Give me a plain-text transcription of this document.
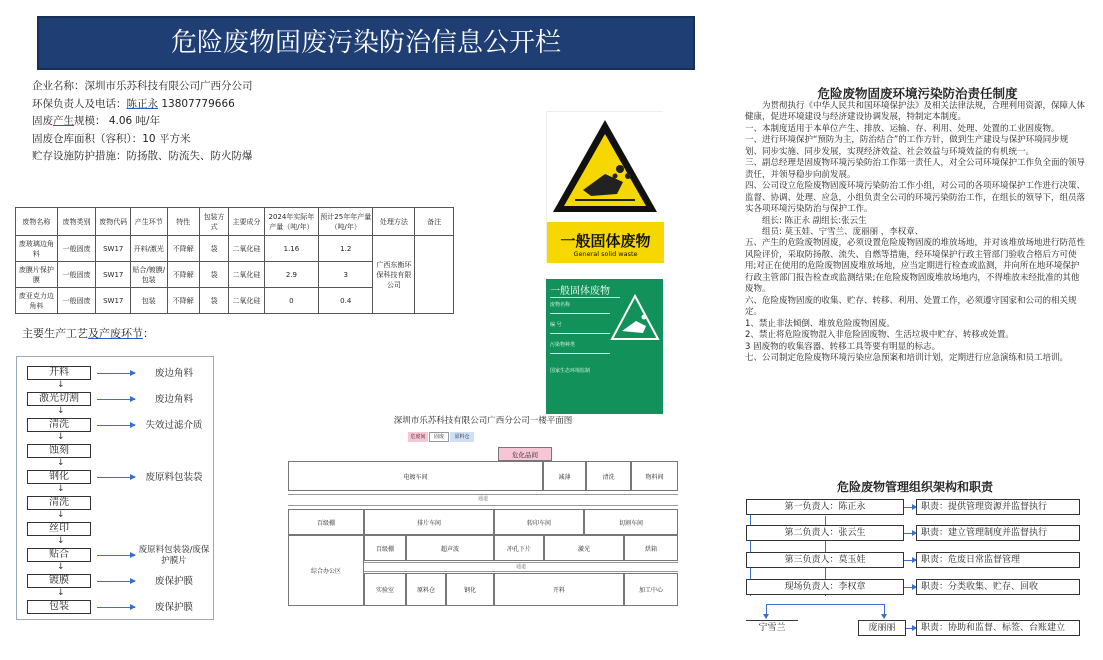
危险废物固废污染防治信息公开栏
企业名称：深圳市乐苏科技有限公司广西分公司
环保负责人及电话：陈正永 13807779666
固废产生规模： 4.06 吨/年
固废仓库面积（容积）：10 平方米
贮存设施防护措施：防扬散、防流失、防火防爆
废物名称	废物类别	废物代码	产生环节	特性	包装方式	主要成分	2024年实际年产量（吨/年）	预计25年年产量（吨/年）	处理方法	备注
废玻璃边角料	一般固废	SW17	开料/激光	不降解	袋	二氧化硅	1.16	1.2	广西东衡环保科技有限公司	
废膜片保护膜	一般固废	SW17	贴合/镀膜/包装	不降解	袋	二氧化硅	2.9	3		
废亚克力边角料	一般固废	SW17	包装	不降解	袋	二氧化硅	0	0.4		
主要生产工艺及产废环节：
开料
↓
激光切割
↓
清洗
↓
蚀刻
↓
钢化
↓
清洗
↓
丝印
↓
贴合
↓
镀膜
↓
包装
废边角料
废边角料
失效过滤介质
废原料包装袋
废原料包装袋/废保护膜片
废保护膜
废保护膜
一般固体废物
General solid waste
一般固体废物
废物名称
编 号
污染物种类
国家生态环境监制
深圳市乐苏科技有限公司广西分公司一楼平面图
危废间	固废	原料仓
危化品间
电镀车间	减薄	清洗	物料间
通道
百级棚	排片车间	转印车间	切割车间
综合办公区
百级棚	超声波	冲孔下片	激光	烘箱
通道
实验室	原料仓	钢化	开料	加工中心
危险废物固废环境污染防治责任制度

为贯彻执行《中华人民共和国环境保护法》及相关法律法规，合理利用资源，保障人体健康，促进环境建设与经济建设协调发展，特制定本制度。

一、本制度适用于本单位产生、排放、运输、存、利用、处理、处置的工业固废物。

一、进行环境保护“预防为主，防治结合”的工作方针，做到生产建设与保护环境同步规划、同步实施、同步发展，实现经济效益、社会效益与环境效益的有机统一。

三、副总经理是固废物环境污染防治工作第一责任人，对全公司环境保护工作负全面的领导责任，并领导稳步向前发展。

四、公司设立危险废物固废环境污染防治工作小组，对公司的各项环境保护工作进行决策、监督、协调、处理、应急，小组负责全公司的环境污染防治工作，在组长的领导下，组员落实各项环境污染防治与保护工作。

组长: 陈正永 副组长:张云生

组员: 莫玉娃、宁雪兰、庞丽丽 ，李权章、

五、产生的危险废物固废，必须设置危险废物固废的堆放场地，并对该堆放场地进行防范性风险评价，采取防扬散、流失、自燃等措施，经环境保护行政主管部门验收合格后方可使用;对正在使用的危险废物固废堆放场地，应当定期进行检查或监测，并向所在地环境保护行政主管部门报告检查或监测结果;在危险废物固废堆放场地内，不得堆放未经批准的其他废物。

六、危险废物固废的收集、贮存、转移、利用、处置工作，必须遵守国家和公司的相关规定。

1、禁止非法倾倒、堆放危险废物固废。

2、禁止将危险废物混入非危险固废物、生活垃圾中贮存、转移或处置。

3 固废物的收集容器、转移工具等要有明显的标志。

七、公司制定危险废物环境污染应急预案和培训计划，定期进行应急演练和员工培训。

危险废物管理组织架构和职责
第一负责人：陈正永	职责：提供管理资源并监督执行
第二负责人：张云生	职责：建立管理制度并监督执行
第三负责人：莫玉娃	职责：危废日常监督管理
现场负责人：李权章	职责：分类收集、贮存、回收
宁雪兰	庞丽丽	职责：协助和监督、标签、台账建立
